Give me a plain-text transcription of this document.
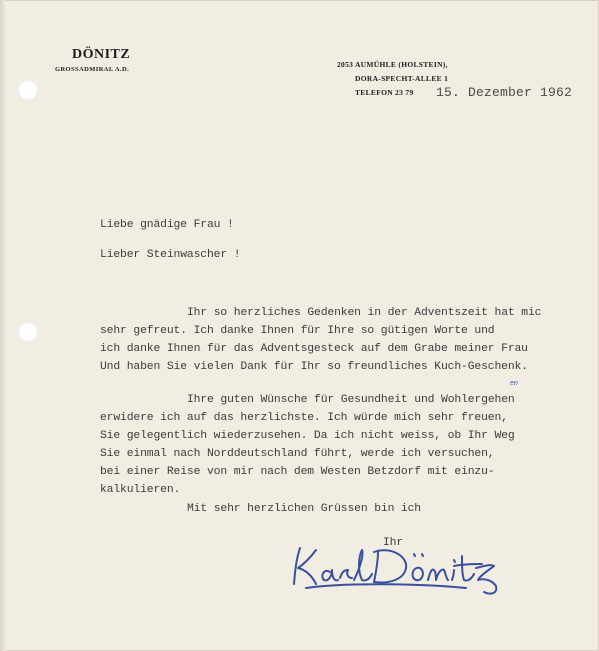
DÖNITZ
GROSSADMIRAL A.D.
2053 AUMÜHLE (HOLSTEIN),
DORA-SPECHT-ALLEE 1
TELEFON 23 79 15. Dezember 1962
Liebe gnädige Frau !
Lieber Steinwascher !
Ihr so herzliches Gedenken in der Adventszeit hat mic
sehr gefreut. Ich danke Ihnen für Ihre so gütigen Worte und
ich danke Ihnen für das Adventsgesteck auf dem Grabe meiner Frau
Und haben Sie vielen Dank für Ihr so freundliches Kuch-Geschenk.
en
Ihre guten Wünsche für Gesundheit und Wohlergehen
erwidere ich auf das herzlichste. Ich würde mich sehr freuen,
Sie gelegentlich wiederzusehen. Da ich nicht weiss, ob Ihr Weg
Sie einmal nach Norddeutschland führt, werde ich versuchen,
bei einer Reise von mir nach dem Westen Betzdorf mit einzu-
kalkulieren.
Mit sehr herzlichen Grüssen bin ich
Ihr
